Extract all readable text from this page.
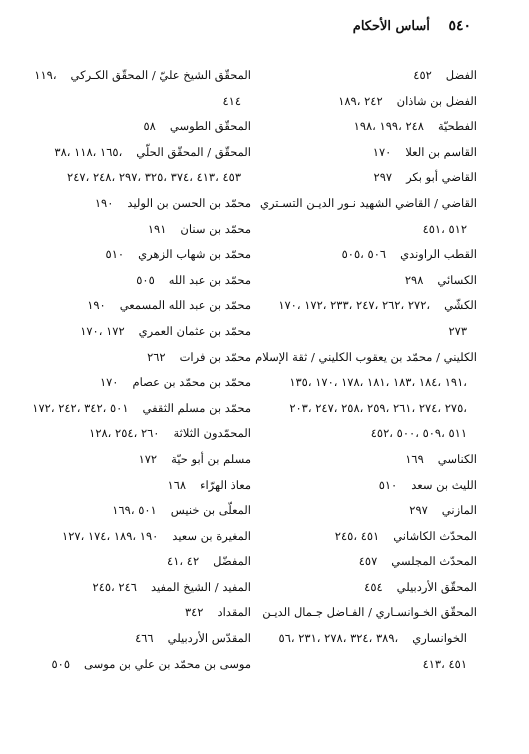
٥٤٠ أساس الأحكام
الفضل٤٥٢
الفضل بن شاذان٢٤٢ ،١٨٩
الفطحيّة٢٤٨ ،١٩٩ ،١٩٨
القاسم بن العلا١٧٠
القاضي أبو بكر٢٩٧
القاضي / القاضي الشهيد نـور الديـن التسـتري
٥١٢ ،٤٥١
القطب الراوندي٥٠٦ ،٥٠٥
الكسائي٢٩٨
الكشّي،٢٧٢ ،٢٦٢ ،٢٤٧ ،٢٣٣ ،١٧٢ ،١٧٠
٢٧٣
الكليني / محمّد بن يعقوب الكليني / ثقة الإسلام
،١٩١ ،١٨٤ ،١٨٣ ،١٨١ ،١٧٨ ،١٧٠ ،١٣٥
،٢٧٥ ،٢٧٤ ،٢٦١ ،٢٥٩ ،٢٥٨ ،٢٤٧ ،٢٠٣
٥١١ ،٥٠٩ ،٥٠٠ ،٤٥٢
الكناسي١٦٩
الليث بن سعد٥١٠
المازني٢٩٧
المحدّث الكاشاني٤٥١ ،٢٤٥
المحدّث المجلسي٤٥٧
المحقّق الأردبيلي٤٥٤
المحقّق الخـوانسـاري / الفـاضل جـمال الديـن
الخوانساري،٣٨٩ ،٣٢٤ ،٢٧٨ ،٢٣١ ،٥٦
٤٥١ ،٤١٣
المحقّق الشيخ عليّ / المحقّق الكـركي،١١٩
٤١٤
المحقّق الطوسي٥٨
المحقّق / المحقّق الحلّي،١٦٥ ،١١٨ ،٣٨
٤٥٣ ،٤١٣ ،٣٧٤ ،٣٢٥ ،٢٩٧ ،٢٤٨ ،٢٤٧
محمّد بن الحسن بن الوليد١٩٠
محمّد بن سنان١٩١
محمّد بن شهاب الزهري٥١٠
محمّد بن عبد الله٥٠٥
محمّد بن عبد الله المسمعي١٩٠
محمّد بن عثمان العمري١٧٢ ،١٧٠
محمّد بن فرات٢٦٢
محمّد بن محمّد بن عصام١٧٠
محمّد بن مسلم الثقفي٥٠١ ،٣٤٢ ،٢٤٢ ،١٧٢
المحمّدون الثلاثة٢٦٠ ،٢٥٤ ،١٢٨
مسلم بن أبو حيّة١٧٢
معاذ الهرّاء١٦٨
المعلّى بن خنيس٥٠١ ،١٦٩
المغيرة بن سعيد١٩٠ ،١٨٩ ،١٧٤ ،١٢٧
المفضّل٤٢ ،٤١
المفيد / الشيخ المفيد٢٤٦ ،٢٤٥
المقداد٣٤٢
المقدّس الأردبيلي٤٦٦
موسى بن محمّد بن علي بن موسى٥٠٥
